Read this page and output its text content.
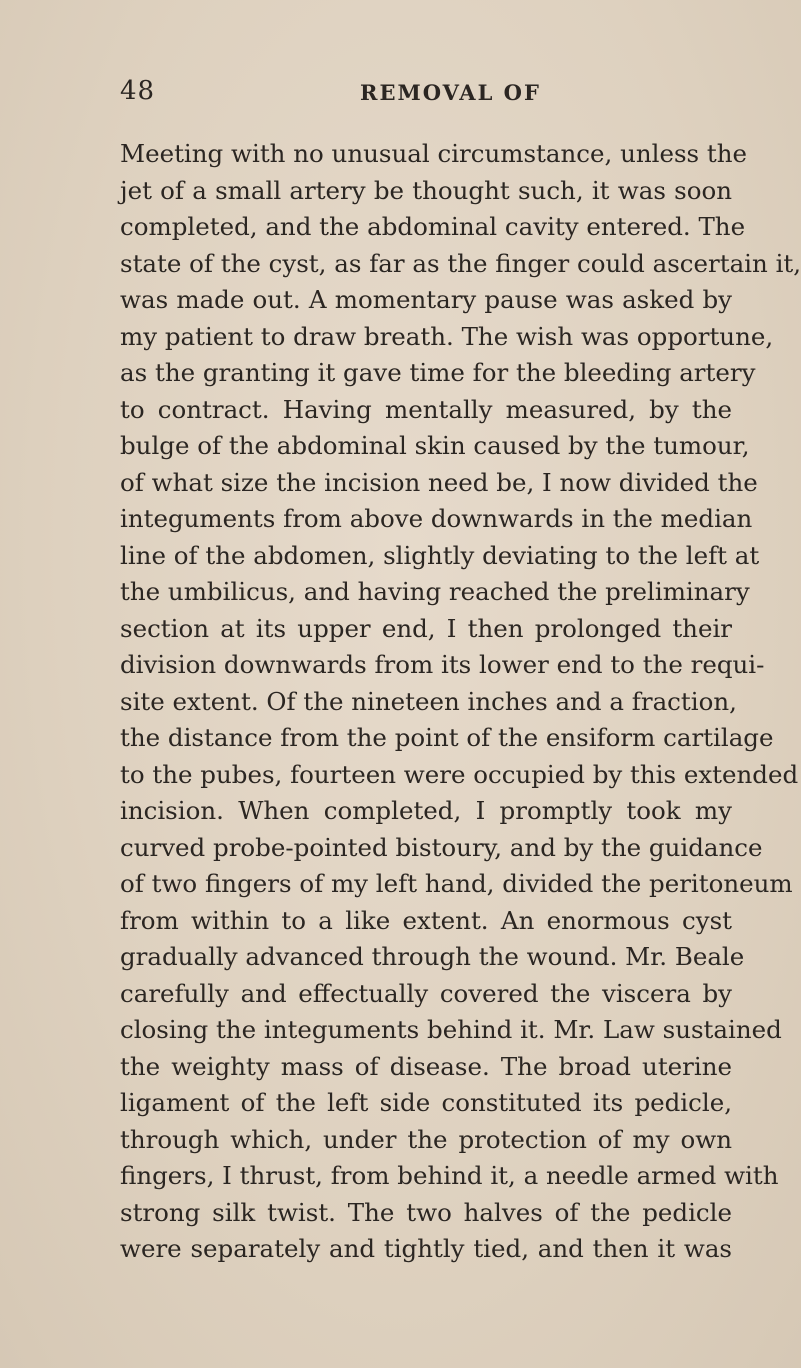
48	REMOVAL OF
Meeting with no unusual circumstance, unless the
jet of a small artery be thought such, it was soon
completed, and the abdominal cavity entered. The
state of the cyst, as far as the finger could ascertain it,
was made out. A momentary pause was asked by
my patient to draw breath. The wish was opportune,
as the granting it gave time for the bleeding artery
to contract. Having mentally measured, by the
bulge of the abdominal skin caused by the tumour,
of what size the incision need be, I now divided the
integuments from above downwards in the median
line of the abdomen, slightly deviating to the left at
the umbilicus, and having reached the preliminary
section at its upper end, I then prolonged their
division downwards from its lower end to the requi-
site extent. Of the nineteen inches and a fraction,
the distance from the point of the ensiform cartilage
to the pubes, fourteen were occupied by this extended
incision. When completed, I promptly took my
curved probe-pointed bistoury, and by the guidance
of two fingers of my left hand, divided the peritoneum
from within to a like extent. An enormous cyst
gradually advanced through the wound. Mr. Beale
carefully and effectually covered the viscera by
closing the integuments behind it. Mr. Law sustained
the weighty mass of disease. The broad uterine
ligament of the left side constituted its pedicle,
through which, under the protection of my own
fingers, I thrust, from behind it, a needle armed with
strong silk twist. The two halves of the pedicle
were separately and tightly tied, and then it was
